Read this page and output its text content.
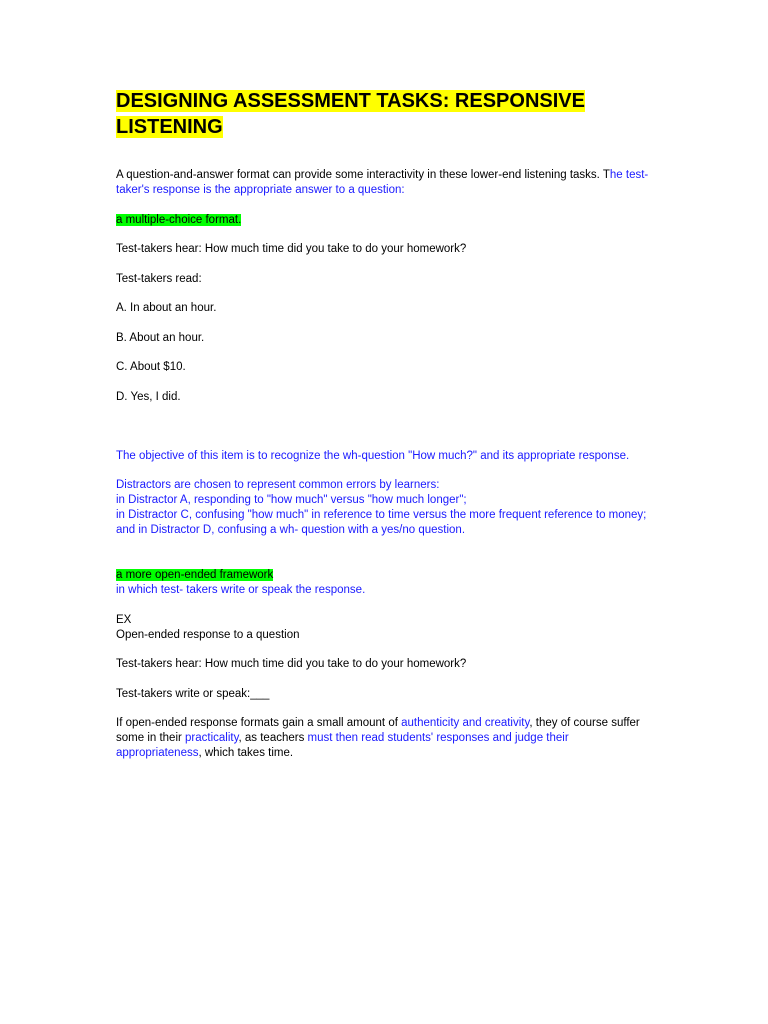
DESIGNING ASSESSMENT TASKS: RESPONSIVE
LISTENING

A question-and-answer format can provide some interactivity in these lower-end listening tasks. The test-taker's response is the appropriate answer to a question:

a multiple-choice format.

Test-takers hear: How much time did you take to do your homework?

Test-takers read:

A. In about an hour.

B. About an hour.

C. About $10.

D. Yes, I did.

The objective of this item is to recognize the wh-question "How much?" and its appropriate response.

Distractors are chosen to represent common errors by learners:

in Distractor A, responding to "how much" versus "how much longer";

in Distractor C, confusing "how much" in reference to time versus the more frequent reference to money;

and in Distractor D, confusing a wh- question with a yes/no question.

a more open-ended framework

in which test- takers write or speak the response.

EX

Open-ended response to a question

Test-takers hear: How much time did you take to do your homework?

Test-takers write or speak:___

If open-ended response formats gain a small amount of authenticity and creativity, they of course suffer some in their practicality, as teachers must then read students' responses and judge their appropriateness, which takes time.
